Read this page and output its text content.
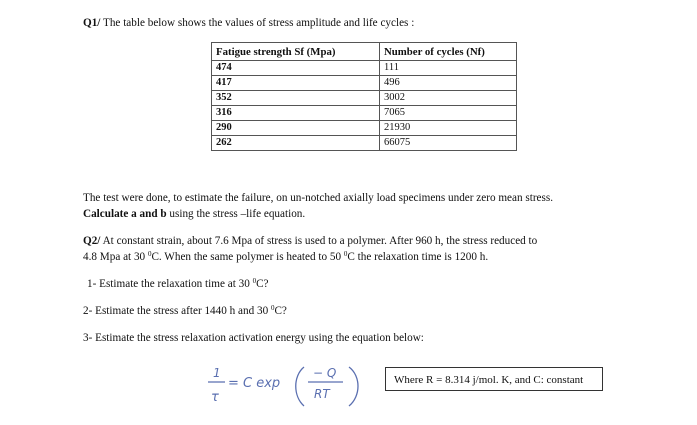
Q1/ The table below shows the values of stress amplitude and life cycles :
Fatigue strength Sf (Mpa)	Number of cycles (Nf)
474	111
417	496
352	3002
316	7065
290	21930
262	66075
The test were done, to estimate the failure, on un-notched axially load specimens under zero mean stress.
Calculate a and b using the stress –life equation.
Q2/ At constant strain, about 7.6 Mpa of stress is used to a polymer. After 960 h, the stress reduced to
4.8 Mpa at 30 $^0$C. When the same polymer is heated to 50 $^0$C the relaxation time is 1200 h.
1- Estimate the relaxation time at 30 $^0$C?
2- Estimate the stress after 1440 h and 30 $^0$C?
3- Estimate the stress relaxation activation energy using the equation below:
1
τ
= C exp
− Q
RT
Where R = 8.314 j/mol. K, and C: constant
